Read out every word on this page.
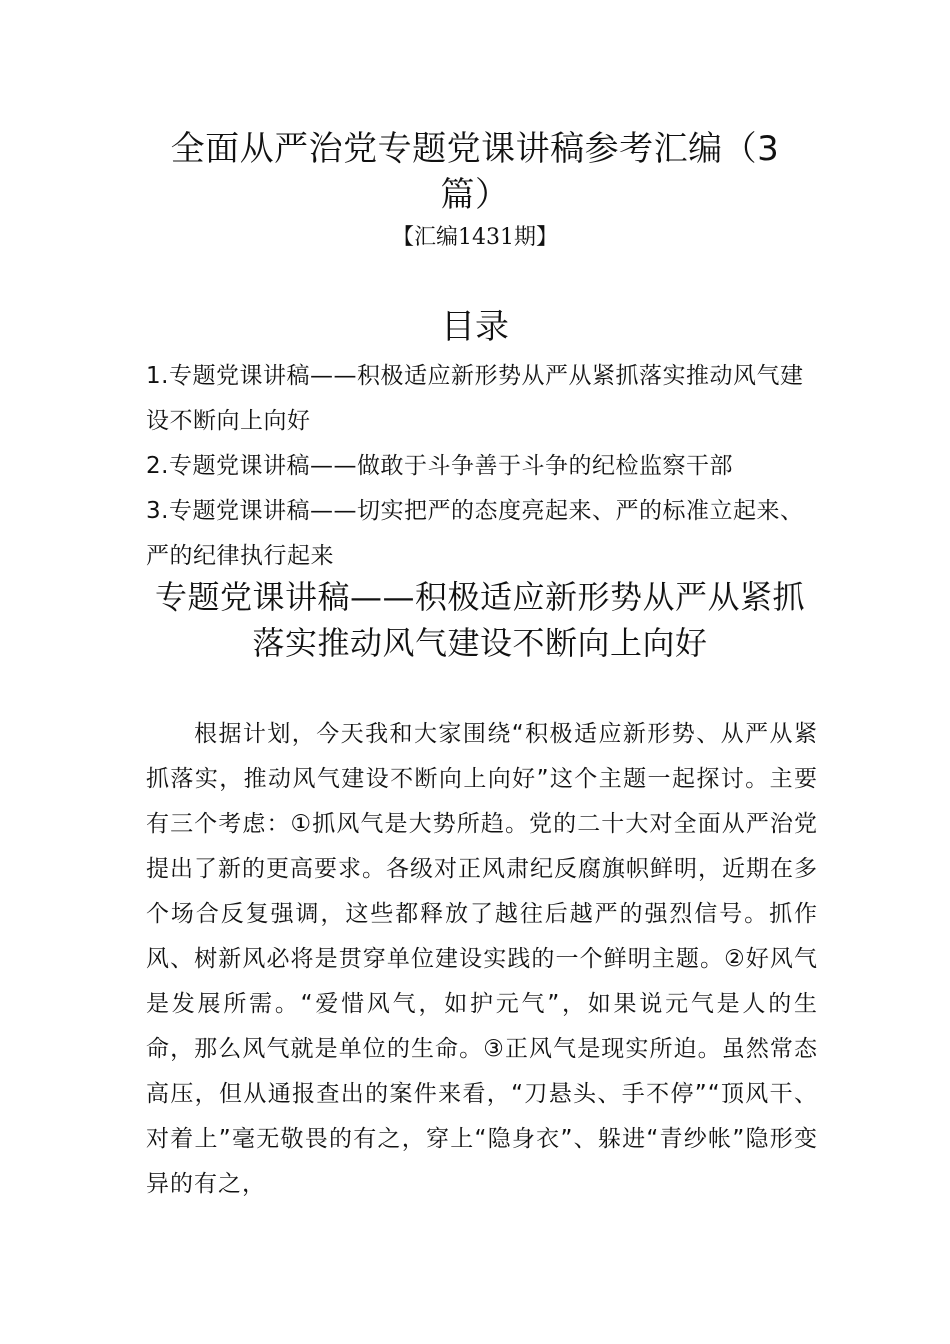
全面从严治党专题党课讲稿参考汇编（3篇）
【汇编1431期】
目录
1.专题党课讲稿——积极适应新形势从严从紧抓落实推动风气建设不断向上向好
2.专题党课讲稿——做敢于斗争善于斗争的纪检监察干部
3.专题党课讲稿——切实把严的态度亮起来、严的标准立起来、严的纪律执行起来
专题党课讲稿——积极适应新形势从严从紧抓落实推动风气建设不断向上向好

根据计划，今天我和大家围绕“积极适应新形势、从严从紧抓落实，推动风气建设不断向上向好”这个主题一起探讨。主要有三个考虑：①抓风气是大势所趋。党的二十大对全面从严治党提出了新的更高要求。各级对正风肃纪反腐旗帜鲜明，近期在多个场合反复强调，这些都释放了越往后越严的强烈信号。抓作风、树新风必将是贯穿单位建设实践的一个鲜明主题。②好风气是发展所需。“爱惜风气，如护元气”，如果说元气是人的生命，那么风气就是单位的生命。③正风气是现实所迫。虽然常态高压，但从通报查出的案件来看，“刀悬头、手不停”“顶风干、对着上”毫无敬畏的有之，穿上“隐身衣”、躲进“青纱帐”隐形变异的有之，
